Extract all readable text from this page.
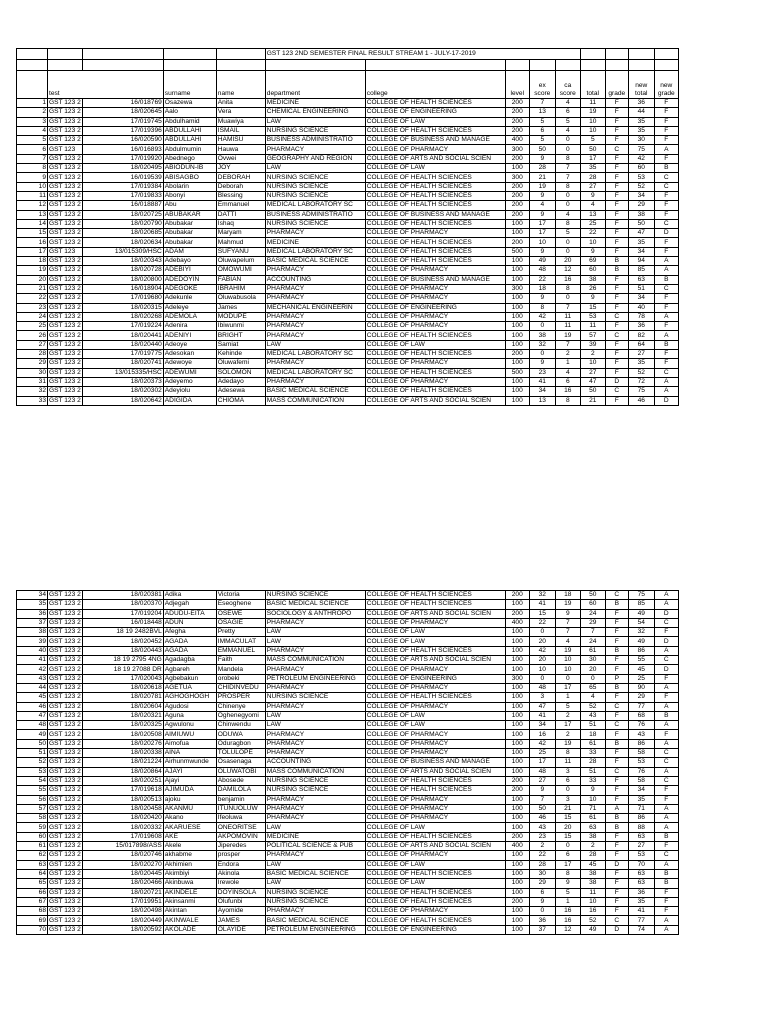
					GST 123 2ND SEMESTER FINAL RESULT STREAM 1 - JULY-17-2019								

	test		surname	name	department	college	level	ex score	ca score	total	grade	new total	new grade
1	GST 123 2	16/018769	Osazewa	Anita	MEDICINE	COLLEGE OF HEALTH SCIENCES	200	7	4	11	F	36	F
2	GST 123 2	18/020645	Aalo	Vera	CHEMICAL ENGINEERING	COLLEGE OF ENGINEERING	200	13	6	19	F	44	F
3	GST 123 2	17/019745	Abdulhamid	Muawiya	LAW	COLLEGE OF LAW	200	5	5	10	F	35	F
4	GST 123 2	17/019396	ABDULLAHI	ISMAIL	NURSING SCIENCE	COLLEGE OF HEALTH SCIENCES	200	6	4	10	F	35	F
5	GST 123 2	16/020590	ABDULLAHI	HAMISU	BUSINESS ADMINISTRATIO	COLLEGE OF BUSINESS AND MANAGE	400	5	0	5	F	30	F
6	GST 123	16/016893	Abdulmumin	Hauwa	PHARMACY	COLLEGE OF PHARMACY	300	50	0	50	C	75	A
7	GST 123 2	17/019920	Abednego	Ovwei	GEOGRAPHY AND REGION	COLLEGE OF ARTS AND SOCIAL SCIEN	200	9	8	17	F	42	F
8	GST 123 2	18/020495	ABIODUN-IB	JOY	LAW	COLLEGE OF LAW	100	28	7	35	F	60	B
9	GST 123 2	16/019539	ABISAGBO	DEBORAH	NURSING SCIENCE	COLLEGE OF HEALTH SCIENCES	300	21	7	28	F	53	C
10	GST 123 2	17/019384	Abolarin	Deborah	NURSING SCIENCE	COLLEGE OF HEALTH SCIENCES	200	19	8	27	F	52	C
11	GST 123 2	17/019833	Abonyi	Blessing	NURSING SCIENCE	COLLEGE OF HEALTH SCIENCES	200	9	0	9	F	34	F
12	GST 123 2	16/018887	Abu	Emmanuel	MEDICAL LABORATORY SC	COLLEGE OF HEALTH SCIENCES	200	4	0	4	F	29	F
13	GST 123 2	18/020725	ABUBAKAR	DATTI	BUSINESS ADMINISTRATIO	COLLEGE OF BUSINESS AND MANAGE	200	9	4	13	F	38	F
14	GST 123 2	18/020790	Abubakar	Ishaq	NURSING SCIENCE	COLLEGE OF HEALTH SCIENCES	100	17	8	25	F	50	C
15	GST 123 2	18/020685	Abubakar	Maryam	PHARMACY	COLLEGE OF PHARMACY	100	17	5	22	F	47	D
16	GST 123 2	18/020634	Abubakar	Mahmud	MEDICINE	COLLEGE OF HEALTH SCIENCES	200	10	0	10	F	35	F
17	GST 123	13/015309/HSC	ADAM	SUFYANU	MEDICAL LABORATORY SC	COLLEGE OF HEALTH SCIENCES	500	9	0	9	F	34	F
18	GST 123 2	18/020343	Adebayo	Oluwapelum	BASIC MEDICAL SCIENCE	COLLEGE OF HEALTH SCIENCES	100	49	20	69	B	94	A
19	GST 123 2	18/020728	ADEBIYI	OMOWUMI	PHARMACY	COLLEGE OF PHARMACY	100	48	12	60	B	85	A
20	GST 123 2	18/020800	ADEDOYIN	FABIAN	ACCOUNTING	COLLEGE OF BUSINESS AND MANAGE	100	22	16	38	F	63	B
21	GST 123 2	16/018904	ADEGOKE	IBRAHIM	PHARMACY	COLLEGE OF PHARMACY	300	18	8	26	F	51	C
22	GST 123 2	17/019680	Adekunle	Oluwabusola	PHARMACY	COLLEGE OF PHARMACY	100	9	0	9	F	34	F
23	GST 123 2	18/020315	Adeleye	James	MECHANICAL ENGINEERIN	COLLEGE OF ENGINEERING	100	8	7	15	F	40	F
24	GST 123 2	18/020268	ADEMOLA	MODUPE	PHARMACY	COLLEGE OF PHARMACY	100	42	11	53	C	78	A
25	GST 123 2	17/019224	Adenira	Ibiwunmi	PHARMACY	COLLEGE OF PHARMACY	100	0	11	11	F	36	F
26	GST 123 2	18/020441	ADENIYI	BRIGHT	PHARMACY	COLLEGE OF HEALTH SCIENCES	100	38	19	57	C	82	A
27	GST 123 2	18/020440	Adeoye	Samiat	LAW	COLLEGE OF LAW	100	32	7	39	F	64	B
28	GST 123 2	17/019775	Adesokan	Kehinde	MEDICAL LABORATORY SC	COLLEGE OF HEALTH SCIENCES	200	0	2	2	F	27	F
29	GST 123 2	18/020741	Adewoye	Oluwafemi	PHARMACY	COLLEGE OF PHARMACY	100	9	1	10	F	35	F
30	GST 123 2	13/015335/HSC	ADEWUMI	SOLOMON	MEDICAL LABORATORY SC	COLLEGE OF HEALTH SCIENCES	500	23	4	27	F	52	C
31	GST 123 2	18/020373	Adeyemo	Adedayo	PHARMACY	COLLEGE OF PHARMACY	100	41	6	47	D	72	A
32	GST 123 2	18/020302	Adeyiolu	Adesewa	BASIC MEDICAL SCIENCE	COLLEGE OF HEALTH SCIENCES	100	34	16	50	C	75	A
33	GST 123 2	18/020642	ADIGIDA	CHIOMA	MASS COMMUNICATION	COLLEGE OF ARTS AND SOCIAL SCIEN	100	13	8	21	F	46	D
34	GST 123 2	18/020381	Adika	Victoria	NURSING SCIENCE	COLLEGE OF HEALTH SCIENCES	200	32	18	50	C	75	A
35	GST 123 2	18/020370	Adjegah	Eseoghene	BASIC MEDICAL SCIENCE	COLLEGE OF HEALTH SCIENCES	100	41	19	60	B	85	A
36	GST 123 2	17/019204	ADUDU-EITA	OSEWE	SOCIOLOGY & ANTHROPO	COLLEGE OF ARTS AND SOCIAL SCIEN	200	15	9	24	F	49	D
37	GST 123 2	16/018448	ADUN	OSAGIE	PHARMACY	COLLEGE OF PHARMACY	400	22	7	29	F	54	C
38	GST 123 2	18 19 2482BVL	Afegha	Pretty	LAW	COLLEGE OF LAW	100	0	7	7	F	32	F
39	GST 123 2	18/020452	AGADA	IMMACULAT	LAW	COLLEGE OF LAW	100	20	4	24	F	49	D
40	GST 123 2	18/020443	AGADA	EMMANUEL	PHARMACY	COLLEGE OF HEALTH SCIENCES	100	42	19	61	B	86	A
41	GST 123 2	18 19 2795 4NG	Agadagba	Faith	MASS COMMUNICATION	COLLEGE OF ARTS AND SOCIAL SCIEN	100	20	10	30	F	55	C
42	GST 123 2	18 19 27088 DR	Agbareh	Mandela	PHARMACY	COLLEGE OF PHARMACY	100	10	10	20	F	45	D
43	GST 123 2	17/020043	Agbebakun	orobeki	PETROLEUM ENGINEERING	COLLEGE OF ENGINEERING	300	0	0	0	P	25	F
44	GST 123 2	18/020618	AGETUA	CHIDINVEDU	PHARMACY	COLLEGE OF PHARMACY	100	48	17	65	B	90	A
45	GST 123 2	18/020781	AGHOGHOGH	PROSPER	NURSING SCIENCE	COLLEGE OF HEALTH SCIENCES	100	3	1	4	F	29	F
46	GST 123 2	18/020604	Agudosi	Chinenye	PHARMACY	COLLEGE OF PHARMACY	100	47	5	52	C	77	A
47	GST 123 2	18/020321	Aguna	Oghenegyomi	LAW	COLLEGE OF LAW	100	41	2	43	F	68	B
48	GST 123 2	18/020325	Agwulonu	Chinwendu	LAW	COLLEGE OF LAW	100	34	17	51	C	76	A
49	GST 123 2	18/020508	AIMIUWU	ODUWA	PHARMACY	COLLEGE OF PHARMACY	100	16	2	18	F	43	F
50	GST 123 2	18/020276	Aimofua	Oduragbon	PHARMACY	COLLEGE OF PHARMACY	100	42	19	61	B	86	A
51	GST 123 2	18/020338	AINA	TOLULOPE	PHARMACY	COLLEGE OF PHARMACY	100	25	8	33	F	58	C
52	GST 123 2	18/021224	Airhunmwunde	Osasenaga	ACCOUNTING	COLLEGE OF BUSINESS AND MANAGE	100	17	11	28	F	53	C
53	GST 123 2	18/020864	AJAYI	OLUWATOBI	MASS COMMUNICATION	COLLEGE OF ARTS AND SOCIAL SCIEN	100	48	3	51	C	76	A
54	GST 123 2	18/020251	Ajayi	Abosede	NURSING SCIENCE	COLLEGE OF HEALTH SCIENCES	200	27	6	33	F	58	C
55	GST 123 2	17/019618	AJIMUDA	DAMILOLA	NURSING SCIENCE	COLLEGE OF HEALTH SCIENCES	200	9	0	9	F	34	F
56	GST 123 2	18/020513	ajoku	benjamin	PHARMACY	COLLEGE OF PHARMACY	100	7	3	10	F	35	F
57	GST 123 2	18/020458	AKANMU	ITUNUOLUW	PHARMACY	COLLEGE OF PHARMACY	100	50	21	71	A	71	A
58	GST 123 2	18/020420	Akano	Ifeoluwa	PHARMACY	COLLEGE OF PHARMACY	100	46	15	61	B	86	A
59	GST 123 2	18/020332	AKARUESE	ONEORITSE	LAW	COLLEGE OF LAW	100	43	20	63	B	88	A
60	GST 123 2	17/019608	AKE	AKPOMOVIN	MEDICINE	COLLEGE OF HEALTH SCIENCES	200	23	15	38	F	63	B
61	GST 123 2	15/017898/ASS	Akele	Jiperedes	POLITICAL SCIENCE & PUB	COLLEGE OF ARTS AND SOCIAL SCIEN	400	2	0	2	F	27	F
62	GST 123 2	18/020746	akhabme	prosper	PHARMACY	COLLEGE OF PHARMACY	100	22	6	28	F	53	C
63	GST 123 2	18/020270	Akhimien	Endora	LAW	COLLEGE OF LAW	100	28	17	45	D	70	A
64	GST 123 2	18/020445	Akimbiyi	Akinola	BASIC MEDICAL SCIENCE	COLLEGE OF HEALTH SCIENCES	100	30	8	38	F	63	B
65	GST 123 2	18/020466	Akinbuwa	Irewole	LAW	COLLEGE OF LAW	100	29	9	38	F	63	B
66	GST 123 2	18/020721	AKINDELE	DOYINSOLA	NURSING SCIENCE	COLLEGE OF HEALTH SCIENCES	100	6	5	11	F	36	F
67	GST 123 2	17/019951	Akinsanmi	Olufunbi	NURSING SCIENCE	COLLEGE OF HEALTH SCIENCES	200	9	1	10	F	35	F
68	GST 123 2	18/020498	Akintan	Ayomide	PHARMACY	COLLEGE OF PHARMACY	100	0	16	16	F	41	F
69	GST 123 2	18/020449	AKINWALE	JAMES	BASIC MEDICAL SCIENCE	COLLEGE OF HEALTH SCIENCES	100	36	16	52	C	77	A
70	GST 123 2	18/020592	AKOLADE	OLAYIDE	PETROLEUM ENGINEERING	COLLEGE OF ENGINEERING	100	37	12	49	D	74	A
